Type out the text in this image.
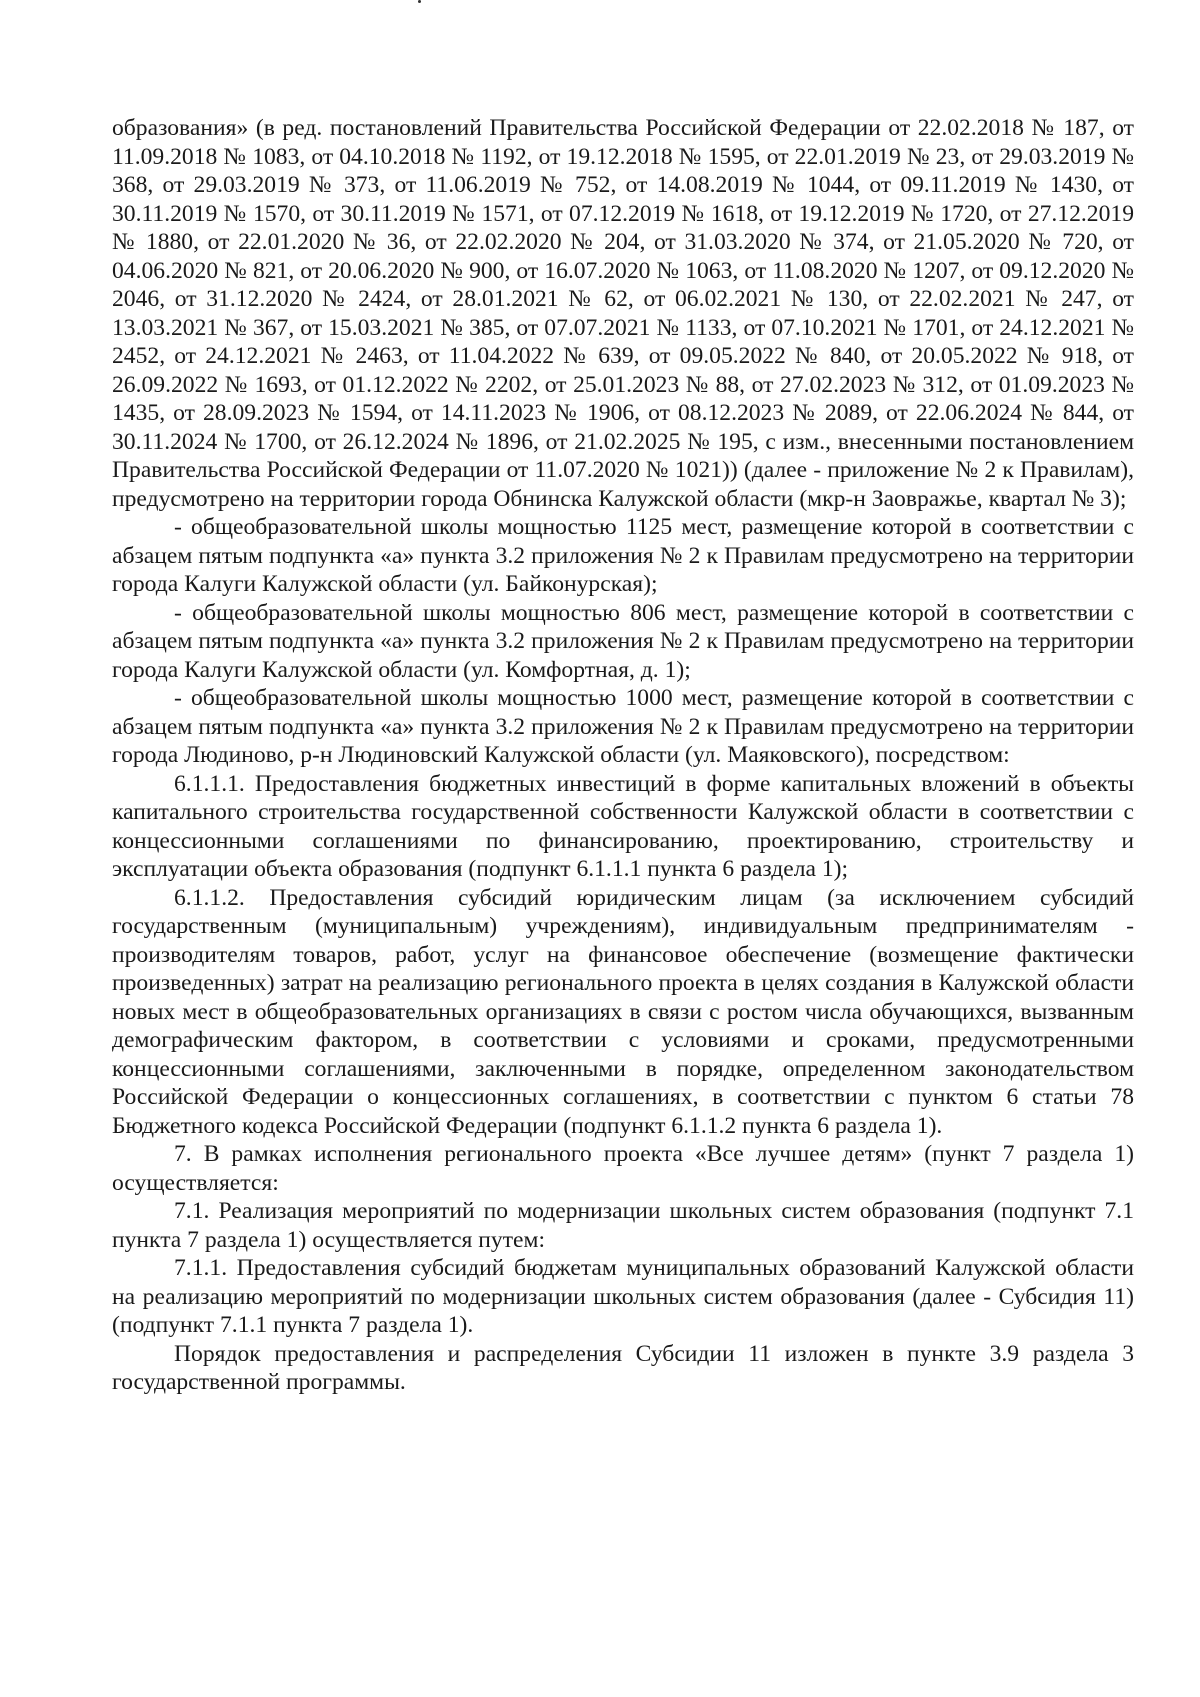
образования» (в ред. постановлений Правительства Российской Федерации от 22.02.2018 № 187, от 11.09.2018 № 1083, от 04.10.2018 № 1192, от 19.12.2018 № 1595, от 22.01.2019 № 23, от 29.03.2019 № 368, от 29.03.2019 № 373, от 11.06.2019 № 752, от 14.08.2019 № 1044, от 09.11.2019 № 1430, от 30.11.2019 № 1570, от 30.11.2019 № 1571, от 07.12.2019 № 1618, от 19.12.2019 № 1720, от 27.12.2019 № 1880, от 22.01.2020 № 36, от 22.02.2020 № 204, от 31.03.2020 № 374, от 21.05.2020 № 720, от 04.06.2020 № 821, от 20.06.2020 № 900, от 16.07.2020 № 1063, от 11.08.2020 № 1207, от 09.12.2020 № 2046, от 31.12.2020 № 2424, от 28.01.2021 № 62, от 06.02.2021 № 130, от 22.02.2021 № 247, от 13.03.2021 № 367, от 15.03.2021 № 385, от 07.07.2021 № 1133, от 07.10.2021 № 1701, от 24.12.2021 № 2452, от 24.12.2021 № 2463, от 11.04.2022 № 639, от 09.05.2022 № 840, от 20.05.2022 № 918, от 26.09.2022 № 1693, от 01.12.2022 № 2202, от 25.01.2023 № 88, от 27.02.2023 № 312, от 01.09.2023 № 1435, от 28.09.2023 № 1594, от 14.11.2023 № 1906, от 08.12.2023 № 2089, от 22.06.2024 № 844, от 30.11.2024 № 1700, от 26.12.2024 № 1896, от 21.02.2025 № 195, с изм., внесенными постановлением Правительства Российской Федерации от 11.07.2020 № 1021)) (далее - приложение № 2 к Правилам), предусмотрено на территории города Обнинска Калужской области (мкр-н Заовражье, квартал № 3);

- общеобразовательной школы мощностью 1125 мест, размещение которой в соответствии с абзацем пятым подпункта «а» пункта 3.2 приложения № 2 к Правилам предусмотрено на территории города Калуги Калужской области (ул. Байконурская);

- общеобразовательной школы мощностью 806 мест, размещение которой в соответствии с абзацем пятым подпункта «а» пункта 3.2 приложения № 2 к Правилам предусмотрено на территории города Калуги Калужской области (ул. Комфортная, д. 1);

- общеобразовательной школы мощностью 1000 мест, размещение которой в соответствии с абзацем пятым подпункта «а» пункта 3.2 приложения № 2 к Правилам предусмотрено на территории города Людиново, р-н Людиновский Калужской области (ул. Маяковского), посредством:

6.1.1.1. Предоставления бюджетных инвестиций в форме капитальных вложений в объекты капитального строительства государственной собственности Калужской области в соответствии с концессионными соглашениями по финансированию, проектированию, строительству и эксплуатации объекта образования (подпункт 6.1.1.1 пункта 6 раздела 1);

6.1.1.2. Предоставления субсидий юридическим лицам (за исключением субсидий государственным (муниципальным) учреждениям), индивидуальным предпринимателям - производителям товаров, работ, услуг на финансовое обеспечение (возмещение фактически произведенных) затрат на реализацию регионального проекта в целях создания в Калужской области новых мест в общеобразовательных организациях в связи с ростом числа обучающихся, вызванным демографическим фактором, в соответствии с условиями и сроками, предусмотренными концессионными соглашениями, заключенными в порядке, определенном законодательством Российской Федерации о концессионных соглашениях, в соответствии с пунктом 6 статьи 78 Бюджетного кодекса Российской Федерации (подпункт 6.1.1.2 пункта 6 раздела 1).

7. В рамках исполнения регионального проекта «Все лучшее детям» (пункт 7 раздела 1) осуществляется:

7.1. Реализация мероприятий по модернизации школьных систем образования (подпункт 7.1 пункта 7 раздела 1) осуществляется путем:

7.1.1. Предоставления субсидий бюджетам муниципальных образований Калужской области на реализацию мероприятий по модернизации школьных систем образования (далее - Субсидия 11) (подпункт 7.1.1 пункта 7 раздела 1).

Порядок предоставления и распределения Субсидии 11 изложен в пункте 3.9 раздела 3 государственной программы.
